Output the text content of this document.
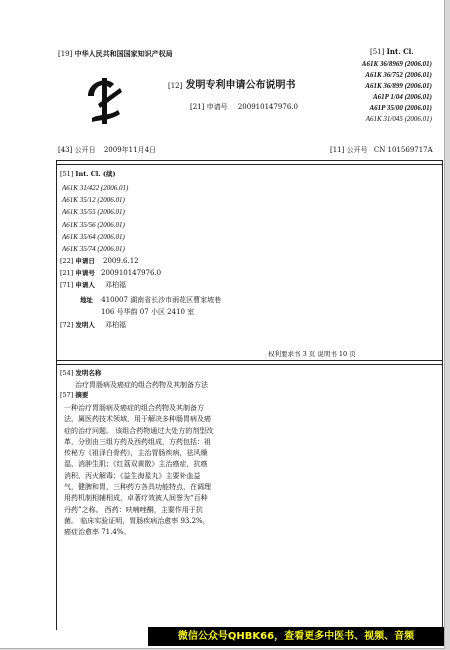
[19] 中华人民共和国国家知识产权局
[12] 发明专利申请公布说明书
[21] 申请号 200910147976.0
[51] Int. Cl.
A61K 36/8969 (2006.01)
A61K 36/752 (2006.01)
A61K 36/899 (2006.01)
A61P 1/04 (2006.01)
A61P 35/00 (2006.01)
A61K 31/045 (2006.01)
[43] 公开日 2009年11月4日	[11] 公开号 CN 101569717A
[51] Int. Cl. (续)
A61K 31/422 (2006.01)
A61K 35/12 (2006.01)
A61K 35/55 (2006.01)
A61K 35/56 (2006.01)
A61K 35/64 (2006.01)
A61K 35/74 (2006.01)
[22] 申请日 2009.6.12
[21] 申请号 200910147976.0
[71] 申请人 邓柏福
地址 410007 湖南省长沙市雨花区曹家坡巷
106 号华韵 07 小区 2410 室
[72] 发明人 邓柏福
权利要求书 3 页 说明书 10 页
[54] 发明名称
治疗胃肠病及癌症的组合药物及其制备方法
[57] 摘要
一种治疗胃肠病及癌症的组合药物及其制备方法，属医药技术领域，用于解决多种肠胃病及癌症的治疗问题。 该组合药物通过大处方的剂型改革，分别由三组方药及西药组成，方药包括：祖传秘方《祖泽白骨药》，主治胃肠疾病，祛风燥湿、消肿生肌；《红荔双黄散》主治癌症，抗癌消积、丙火解毒；《益生海星丸》主要补血益气，健脾和胃，三种药方各具功能特点，在调理用药机制相辅相成，卓著疗效被人间誉为“百种丹药”之称。 西药：呋喃唑酮，主要作用于抗菌。 临床实验证明，胃肠疾病治愈率 93.2%，癌症治愈率 71.4%。
微信公众号QHBK66，查看更多中医书、视频、音频
